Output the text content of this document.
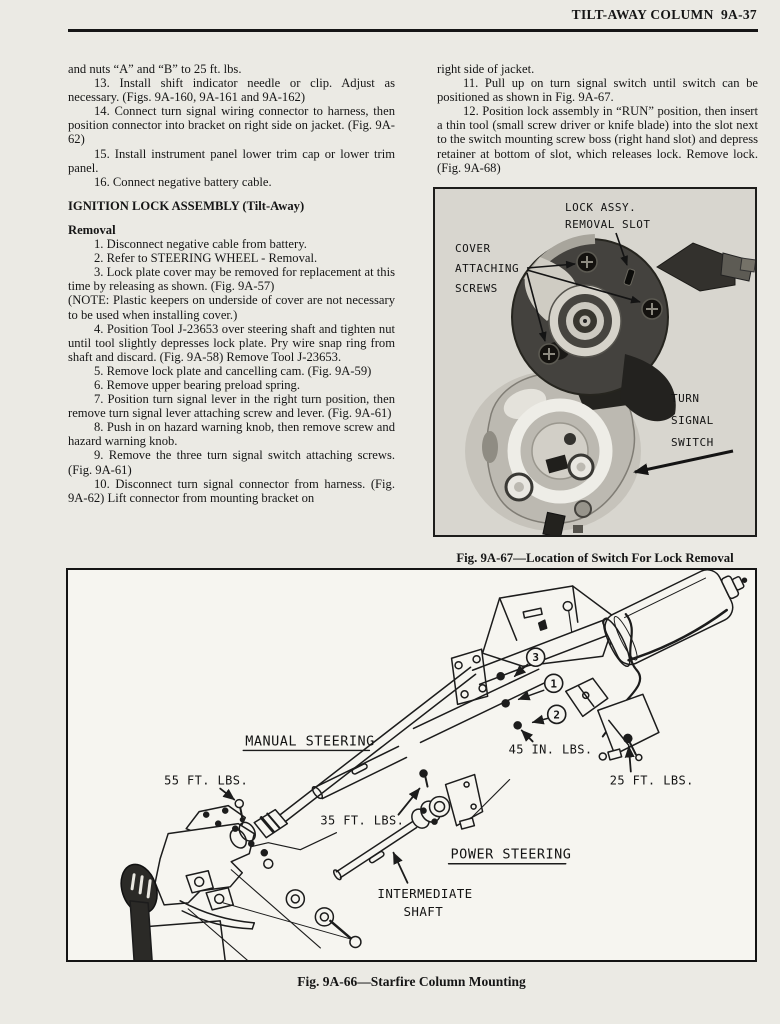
TILT-AWAY COLUMN  9A-37

and nuts “A” and “B” to 25 ft. lbs.

13. Install shift indicator needle or clip. Adjust as necessary. (Figs. 9A-160, 9A-161 and 9A-162)

14. Connect turn signal wiring connector to harness, then position connector into bracket on right side on jacket. (Fig. 9A-62)

15. Install instrument panel lower trim cap or lower trim panel.

16. Connect negative battery cable.

IGNITION LOCK ASSEMBLY (Tilt-Away)
Removal

1. Disconnect negative cable from battery.

2. Refer to STEERING WHEEL - Removal.

3. Lock plate cover may be removed for replacement at this time by releasing as shown. (Fig. 9A-57)

(NOTE: Plastic keepers on underside of cover are not necessary to be used when installing cover.)

4. Position Tool J-23653 over steering shaft and tighten nut until tool slightly depresses lock plate. Pry wire snap ring from shaft and discard. (Fig. 9A-58) Remove Tool J-23653.

5. Remove lock plate and cancelling cam. (Fig. 9A-59)

6. Remove upper bearing preload spring.

7. Position turn signal lever in the right turn position, then remove turn signal lever attaching screw and lever. (Fig. 9A-61)

8. Push in on hazard warning knob, then remove screw and hazard warning knob.

9. Remove the three turn signal switch attaching screws. (Fig. 9A-61)

10. Disconnect turn signal connector from harness. (Fig. 9A-62) Lift connector from mounting bracket on

right side of jacket.

11. Pull up on turn signal switch until switch can be positioned as shown in Fig. 9A-67.

12. Position lock assembly in “RUN” position, then insert a thin tool (small screw driver or knife blade) into the slot next to the switch mounting screw boss (right hand slot) and depress retainer at bottom of slot, which releases lock. Remove lock. (Fig. 9A-68)

LOCK ASSY.
REMOVAL SLOT
COVER
ATTACHING
SCREWS
TURN
SIGNAL
SWITCH
Fig. 9A-67—Location of Switch For Lock Removal
MANUAL STEERING
POWER STEERING
55 FT. LBS.
35 FT. LBS.
45 IN. LBS.
25 FT. LBS.
INTERMEDIATE
SHAFT
3
1
2
Fig. 9A-66—Starfire Column Mounting
